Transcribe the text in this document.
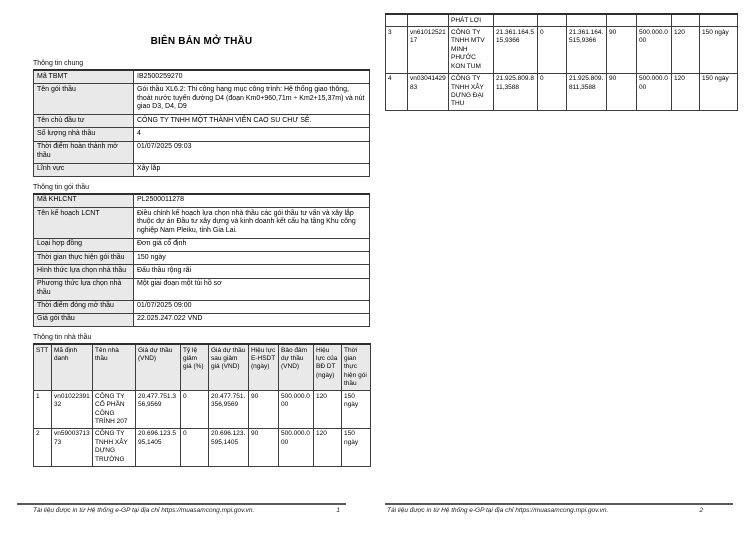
BIÊN BẢN MỞ THẦU
Thông tin chung
Mã TBMT	IB2500259270
Tên gói thầu	Gói thầu XL6.2: Thi công hạng mục công trình: Hệ thống giao thông, thoát nước tuyến đường D4 (đoạn Km0+960,71m ÷ Km2+15,37m) và nút giao D3, D4, D9
Tên chủ đầu tư	CÔNG TY TNHH MỘT THÀNH VIÊN CAO SU CHƯ SÊ.
Số lượng nhà thầu	4
Thời điểm hoàn thành mở thầu	01/07/2025 09:03
Lĩnh vực	Xây lắp
Thông tin gói thầu
Mã KHLCNT	PL2500011278
Tên kế hoạch LCNT	Điều chỉnh kế hoạch lựa chọn nhà thầu các gói thầu tư vấn và xây lắp thuộc dự án Đầu tư xây dựng và kinh doanh kết cấu hạ tầng Khu công nghiệp Nam Pleiku, tỉnh Gia Lai.
Loại hợp đồng	Đơn giá cố định
Thời gian thực hiện gói thầu	150 ngày
Hình thức lựa chọn nhà thầu	Đấu thầu rộng rãi
Phương thức lựa chọn nhà thầu	Một giai đoạn một túi hồ sơ
Thời điểm đóng mở thầu	01/07/2025 09:00
Giá gói thầu	22.025.247.022 VND
Thông tin nhà thầu
STT	Mã định danh	Tên nhà thầu	Giá dự thầu (VND)	Tỷ lệ giảm giá (%)	Giá dự thầu sau giảm giá (VND)	Hiệu lực E-HSDT (ngày)	Bảo đảm dự thầu (VND)	Hiệu lực của BĐ DT (ngày)	Thời gian thực hiện gói thầu
1	vn0102239132	CÔNG TY CỔ PHẦN CÔNG TRÌNH 207	20.477.751.356,9569	0	20.477.751.356,9569	90	500.000.000	120	150 ngày
2	vn5900371373	CÔNG TY TNHH XÂY DỰNG TRƯỜNG	20.696.123.595,1405	0	20.696.123.595,1405	90	500.000.000	120	150 ngày
Tài liệu được in từ Hệ thống e-GP tại địa chỉ https://muasamcong.mpi.gov.vn.	1
		PHÁT LỢI							
3	vn6101252117	CÔNG TY TNHH MTV MINH PHƯỚC KON TUM	21.361.164.515,9366	0	21.361.164.515,9366	90	500.000.000	120	150 ngày
4	vn0304142983	CÔNG TY TNHH XÂY DỰNG ĐẠI THU	21.925.809.811,3588	0	21.925.809.811,3588	90	500.000.000	120	150 ngày
Tài liệu được in từ Hệ thống e-GP tại địa chỉ https://muasamcong.mpi.gov.vn.	2
